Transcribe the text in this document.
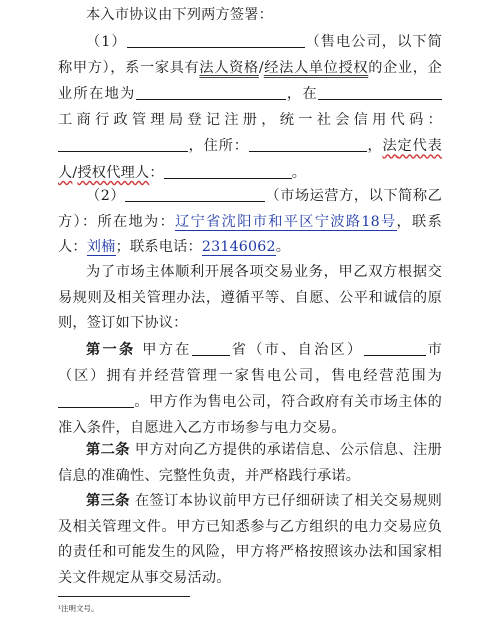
本入市协议由下列两方签署：
（1）	（售电公司，以下简称甲方），系一家具有法人资格/经法人单位授权的企业，企业所在地为	，在工商行政管理局登记注册，统一社会信用代码：，住所：	，法定代表人/授权代理人：	。
（2）	（市场运营方，以下简称乙方）：所在地为：辽宁省沈阳市和平区宁波路18号，联系人：刘楠；联系电话：23146062。
为了市场主体顺利开展各项交易业务，甲乙双方根据交易规则及相关管理办法，遵循平等、自愿、公平和诚信的原则，签订如下协议：
第一条 甲方在	省（市、自治区）	市（区）拥有并经营管理一家售电公司，售电经营范围为。甲方作为售电公司，符合政府有关市场主体的准入条件，自愿进入乙方市场参与电力交易。
第二条 甲方对向乙方提供的承诺信息、公示信息、注册信息的准确性、完整性负责，并严格践行承诺。
第三条 在签订本协议前甲方已仔细研读了相关交易规则及相关管理文件。甲方已知悉参与乙方组织的电力交易应负的责任和可能发生的风险，甲方将严格按照该办法和国家相关文件规定从事交易活动。
¹注明文号。
